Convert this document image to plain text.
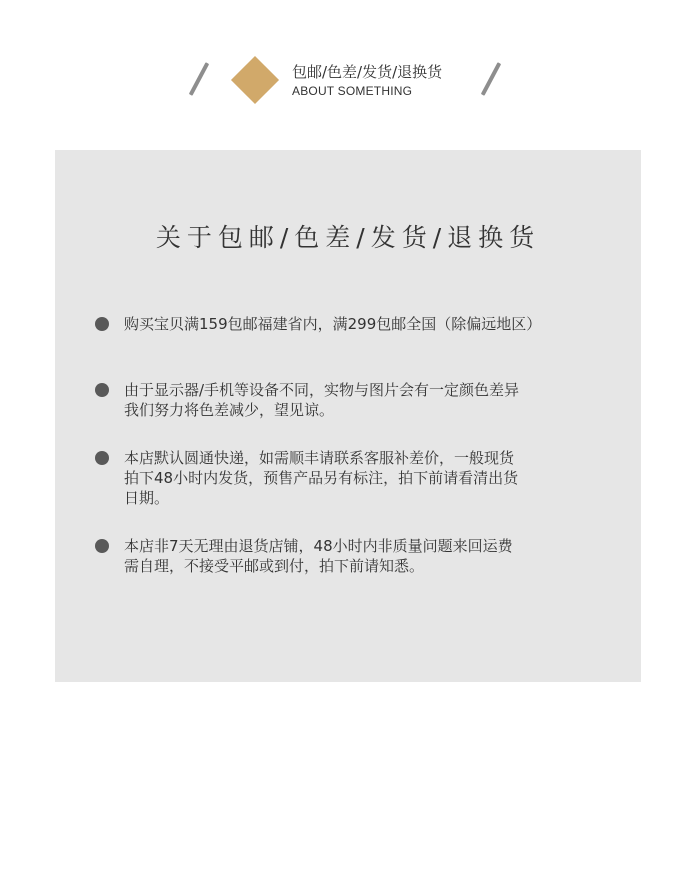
包邮/色差/发货/退换货
ABOUT SOMETHING
关于包邮/色差/发货/退换货
购买宝贝满159包邮福建省内，满299包邮全国（除偏远地区）
由于显示器/手机等设备不同，实物与图片会有一定颜色差异
我们努力将色差减少，望见谅。
本店默认圆通快递，如需顺丰请联系客服补差价，一般现货
拍下48小时内发货，预售产品另有标注，拍下前请看清出货
日期。
本店非7天无理由退货店铺，48小时内非质量问题来回运费
需自理，不接受平邮或到付，拍下前请知悉。
